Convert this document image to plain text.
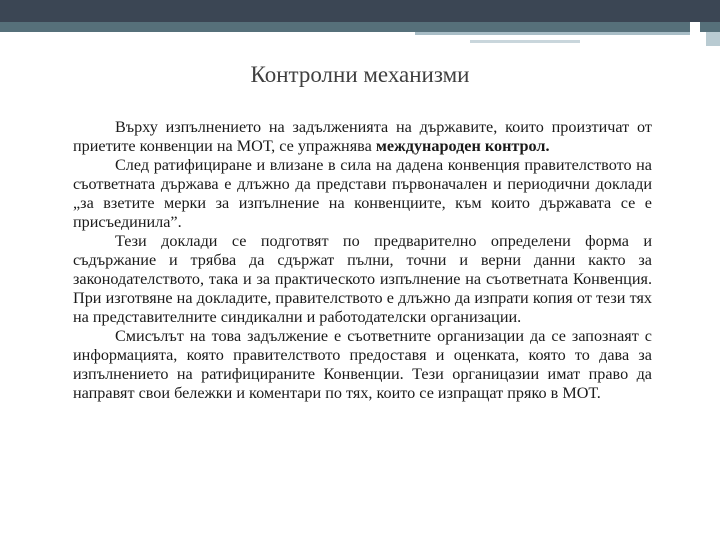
Контролни механизми

Върху изпълнението на задълженията на държавите, които произтичат от приетите конвенции на МОТ, се упражнява международен контрол.

След ратифициране и влизане в сила на дадена конвенция правителството на съответната държава е длъжно да представи първоначален и периодични доклади „за взетите мерки за изпълнение на конвенциите, към които държавата се е присъединила”.

Тези доклади се подготвят по предварително определени форма и съдържание и трябва да сдържат пълни, точни и верни данни както за законодателството, така и за практическото изпълнение на съответната Конвенция. При изготвяне на докладите, правителството е длъжно да изпрати копия от тези тях на представителните синдикални и работодателски организации.

Смисълът на това задължение е съответните организации да се запознаят с информацията, която правителството предоставя и оценката, която то дава за изпълнението на ратифицираните Конвенции. Тези органицазии имат право да направят свои бележки и коментари по тях, които се изпращат пряко в МОТ.
